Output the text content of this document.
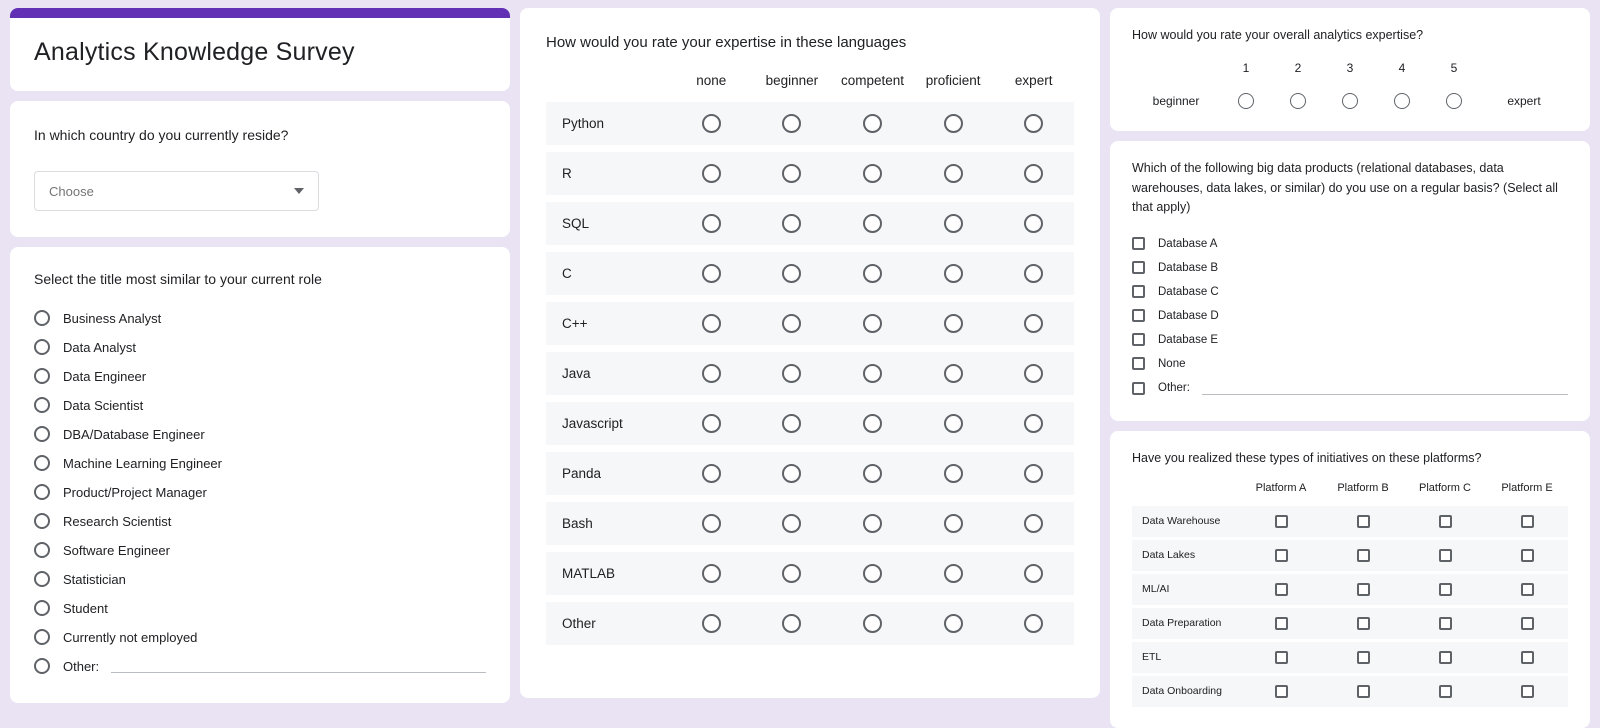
Analytics Knowledge Survey
In which country do you currently reside?
Choose
Select the title most similar to your current role
Business Analyst
Data Analyst
Data Engineer
Data Scientist
DBA/Database Engineer
Machine Learning Engineer
Product/Project Manager
Research Scientist
Software Engineer
Statistician
Student
Currently not employed
Other:
How would you rate your expertise in these languages
none	beginner	competent	proficient	expert
Python
R
SQL
C
C++
Java
Javascript
Panda
Bash
MATLAB
Other
How would you rate your overall analytics expertise?
1	2	3	4	5
beginner	expert
Which of the following big data products (relational databases, data warehouses, data lakes, or similar) do you use on a regular basis? (Select all that apply)
Database A
Database B
Database C
Database D
Database E
None
Other:
Have you realized these types of initiatives on these platforms?
Platform A	Platform B	Platform C	Platform E
Data Warehouse
Data Lakes
ML/AI
Data Preparation
ETL
Data Onboarding
